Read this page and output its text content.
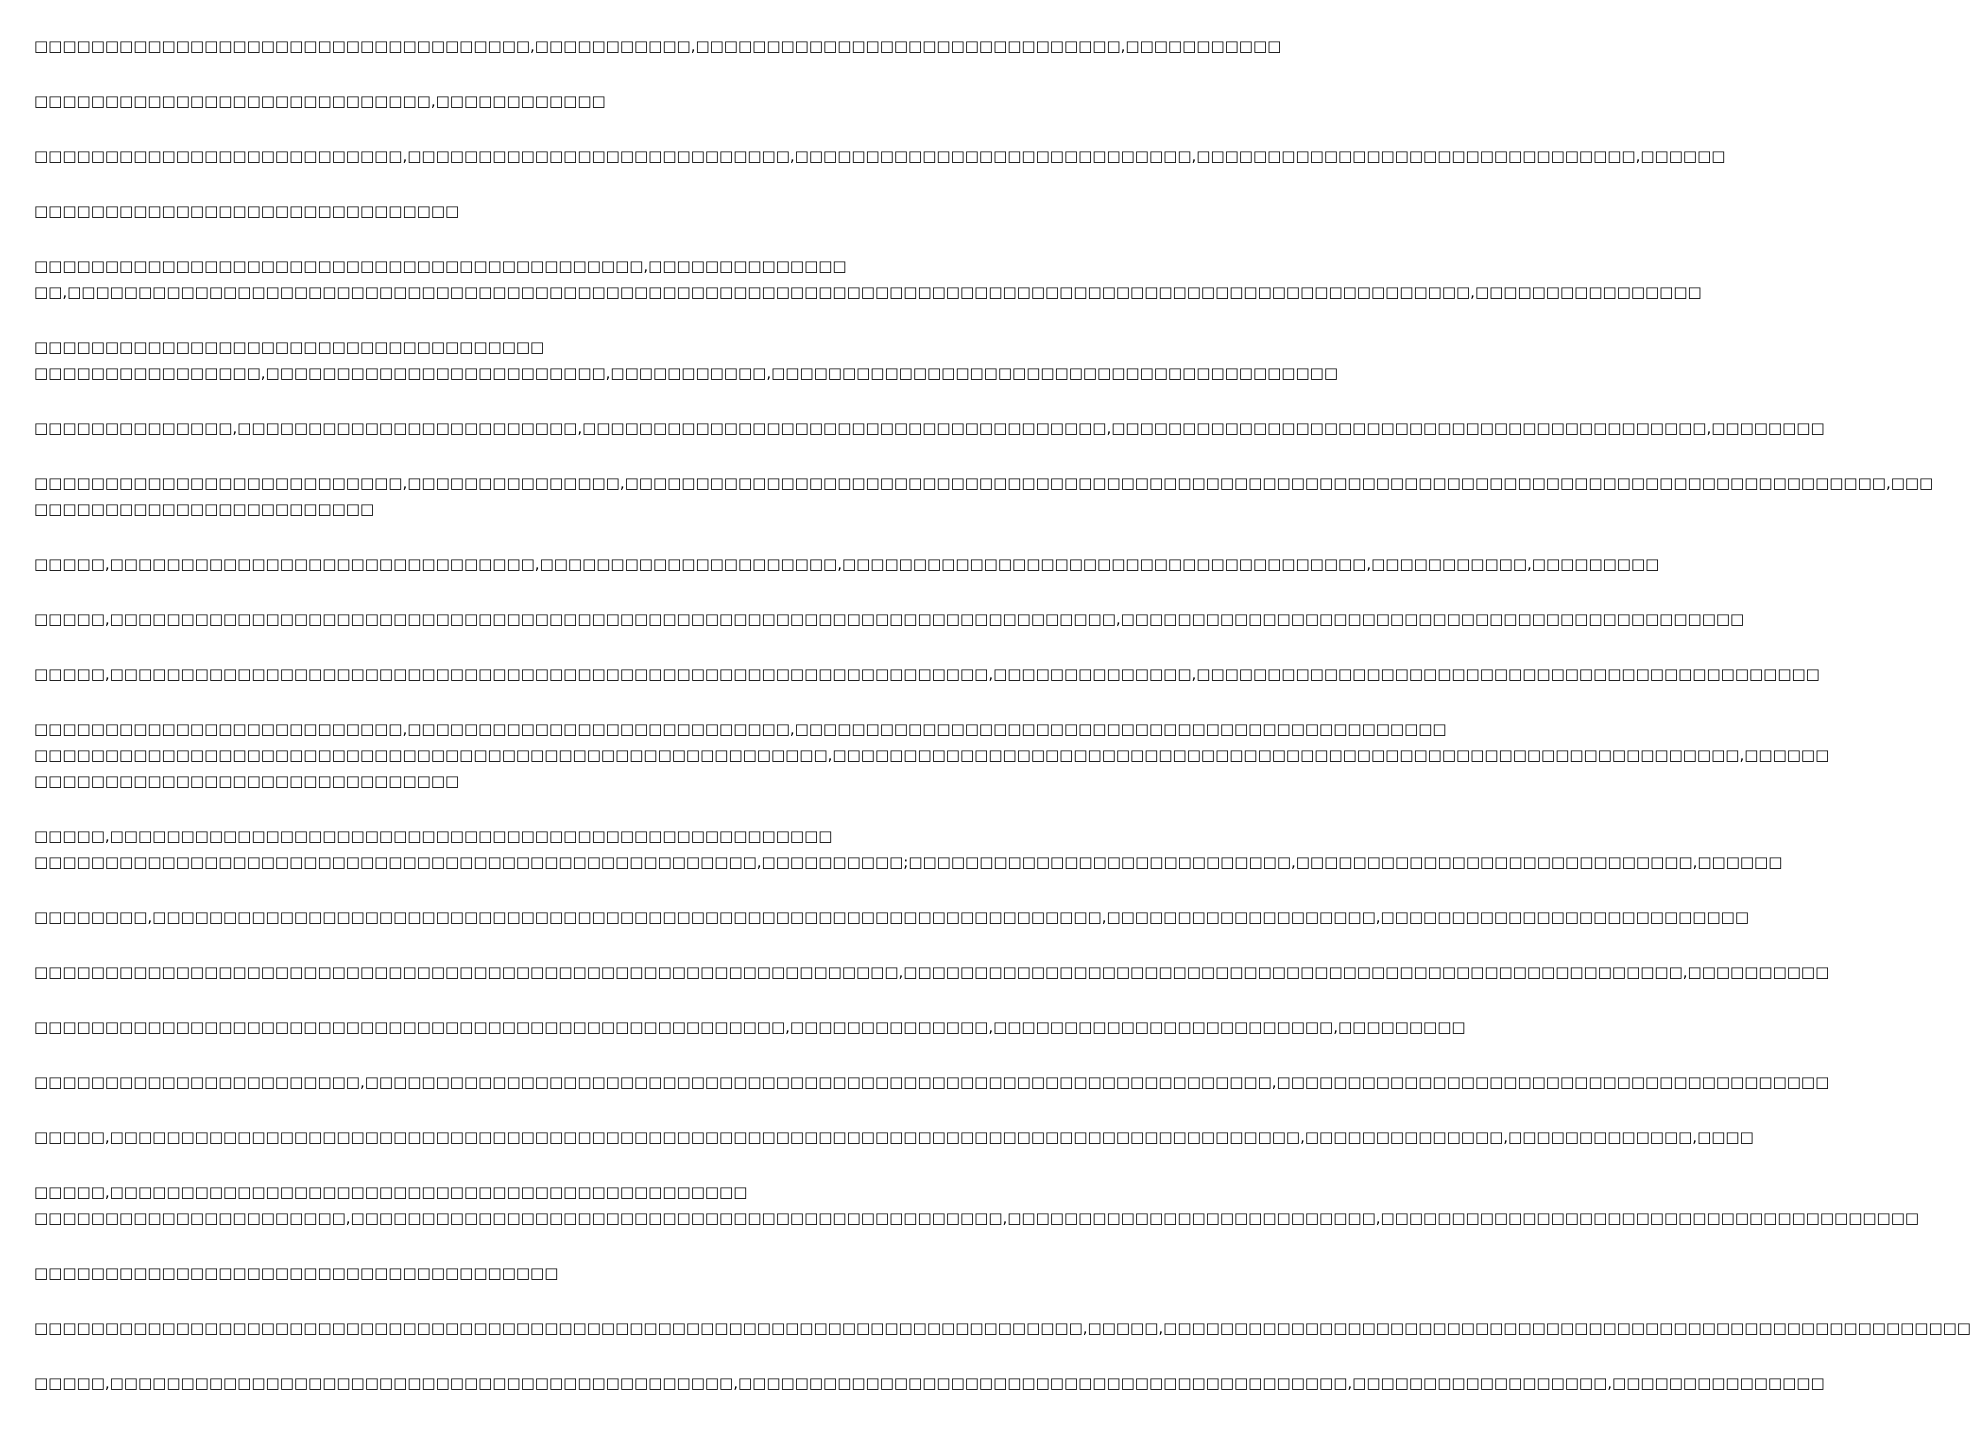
□□□□□□□□□□□□□□□□□□□□□□□□□□□□□□□□□□□,□□□□□□□□□□□,□□□□□□□□□□□□□□□□□□□□□□□□□□□□□□,□□□□□□□□□□□

□□□□□□□□□□□□□□□□□□□□□□□□□□□□,□□□□□□□□□□□□

□□□□□□□□□□□□□□□□□□□□□□□□□□,□□□□□□□□□□□□□□□□□□□□□□□□□□□,□□□□□□□□□□□□□□□□□□□□□□□□□□□□,□□□□□□□□□□□□□□□□□□□□□□□□□□□□□□□,□□□□□□

□□□□□□□□□□□□□□□□□□□□□□□□□□□□□□

□□□□□□□□□□□□□□□□□□□□□□□□□□□□□□□□□□□□□□□□□□□,□□□□□□□□□□□□□□

□□,□□□□□□□□□□□□□□□□□□□□□□□□□□□□□□□□□□□□□□□□□□□□□□□□□□□□□□□□□□□□□□□□□□□□□□□□□□□□□□□□□□□□□□□□□□□□□□□□□□□,□□□□□□□□□□□□□□□□

□□□□□□□□□□□□□□□□□□□□□□□□□□□□□□□□□□□□

□□□□□□□□□□□□□□□□,□□□□□□□□□□□□□□□□□□□□□□□□,□□□□□□□□□□□,□□□□□□□□□□□□□□□□□□□□□□□□□□□□□□□□□□□□□□□□

□□□□□□□□□□□□□□,□□□□□□□□□□□□□□□□□□□□□□□□,□□□□□□□□□□□□□□□□□□□□□□□□□□□□□□□□□□□□□,□□□□□□□□□□□□□□□□□□□□□□□□□□□□□□□□□□□□□□□□□□,□□□□□□□□

□□□□□□□□□□□□□□□□□□□□□□□□□□,□□□□□□□□□□□□□□□,□□□□□□□□□□□□□□□□□□□□□□□□□□□□□□□□□□□□□□□□□□□□□□□□□□□□□□□□□□□□□□□□□□□□□□□□□□□□□□□□□□□□□□□□□,□□□

□□□□□□□□□□□□□□□□□□□□□□□□

□□□□□,□□□□□□□□□□□□□□□□□□□□□□□□□□□□□□,□□□□□□□□□□□□□□□□□□□□□,□□□□□□□□□□□□□□□□□□□□□□□□□□□□□□□□□□□□□,□□□□□□□□□□□,□□□□□□□□□

□□□□□,□□□□□□□□□□□□□□□□□□□□□□□□□□□□□□□□□□□□□□□□□□□□□□□□□□□□□□□□□□□□□□□□□□□□□□□,□□□□□□□□□□□□□□□□□□□□□□□□□□□□□□□□□□□□□□□□□□□□

□□□□□,□□□□□□□□□□□□□□□□□□□□□□□□□□□□□□□□□□□□□□□□□□□□□□□□□□□□□□□□□□□□□□,□□□□□□□□□□□□□□,□□□□□□□□□□□□□□□□□□□□□□□□□□□□□□□□□□□□□□□□□□□□

□□□□□□□□□□□□□□□□□□□□□□□□□□,□□□□□□□□□□□□□□□□□□□□□□□□□□□,□□□□□□□□□□□□□□□□□□□□□□□□□□□□□□□□□□□□□□□□□□□□□□

□□□□□□□□□□□□□□□□□□□□□□□□□□□□□□□□□□□□□□□□□□□□□□□□□□□□□□□□,□□□□□□□□□□□□□□□□□□□□□□□□□□□□□□□□□□□□□□□□□□□□□□□□□□□□□□□□□□□□□□□□,□□□□□□

□□□□□□□□□□□□□□□□□□□□□□□□□□□□□□

□□□□□,□□□□□□□□□□□□□□□□□□□□□□□□□□□□□□□□□□□□□□□□□□□□□□□□□□□

□□□□□□□□□□□□□□□□□□□□□□□□□□□□□□□□□□□□□□□□□□□□□□□□□□□,□□□□□□□□□□;□□□□□□□□□□□□□□□□□□□□□□□□□□□,□□□□□□□□□□□□□□□□□□□□□□□□□□□□,□□□□□□

□□□□□□□□,□□□□□□□□□□□□□□□□□□□□□□□□□□□□□□□□□□□□□□□□□□□□□□□□□□□□□□□□□□□□□□□□□□□,□□□□□□□□□□□□□□□□□□□,□□□□□□□□□□□□□□□□□□□□□□□□□□

□□□□□□□□□□□□□□□□□□□□□□□□□□□□□□□□□□□□□□□□□□□□□□□□□□□□□□□□□□□□□,□□□□□□□□□□□□□□□□□□□□□□□□□□□□□□□□□□□□□□□□□□□□□□□□□□□□□□□,□□□□□□□□□□

□□□□□□□□□□□□□□□□□□□□□□□□□□□□□□□□□□□□□□□□□□□□□□□□□□□□□,□□□□□□□□□□□□□□,□□□□□□□□□□□□□□□□□□□□□□□□,□□□□□□□□□

□□□□□□□□□□□□□□□□□□□□□□□,□□□□□□□□□□□□□□□□□□□□□□□□□□□□□□□□□□□□□□□□□□□□□□□□□□□□□□□□□□□□□□□□,□□□□□□□□□□□□□□□□□□□□□□□□□□□□□□□□□□□□□□□

□□□□□,□□□□□□□□□□□□□□□□□□□□□□□□□□□□□□□□□□□□□□□□□□□□□□□□□□□□□□□□□□□□□□□□□□□□□□□□□□□□□□□□□□□□,□□□□□□□□□□□□□□,□□□□□□□□□□□□□,□□□□

□□□□□,□□□□□□□□□□□□□□□□□□□□□□□□□□□□□□□□□□□□□□□□□□□□□

□□□□□□□□□□□□□□□□□□□□□□,□□□□□□□□□□□□□□□□□□□□□□□□□□□□□□□□□□□□□□□□□□□□□□,□□□□□□□□□□□□□□□□□□□□□□□□□□,□□□□□□□□□□□□□□□□□□□□□□□□□□□□□□□□□□□□□□

□□□□□□□□□□□□□□□□□□□□□□□□□□□□□□□□□□□□□

□□□□□□□□□□□□□□□□□□□□□□□□□□□□□□□□□□□□□□□□□□□□□□□□□□□□□□□□□□□□□□□□□□□□□□□□□□,□□□□□,□□□□□□□□□□□□□□□□□□□□□□□□□□□□□□□□□□□□□□□□□□□□□□□□□□□□□□□□□

□□□□□,□□□□□□□□□□□□□□□□□□□□□□□□□□□□□□□□□□□□□□□□□□□□,□□□□□□□□□□□□□□□□□□□□□□□□□□□□□□□□□□□□□□□□□□□,□□□□□□□□□□□□□□□□□□,□□□□□□□□□□□□□□□
